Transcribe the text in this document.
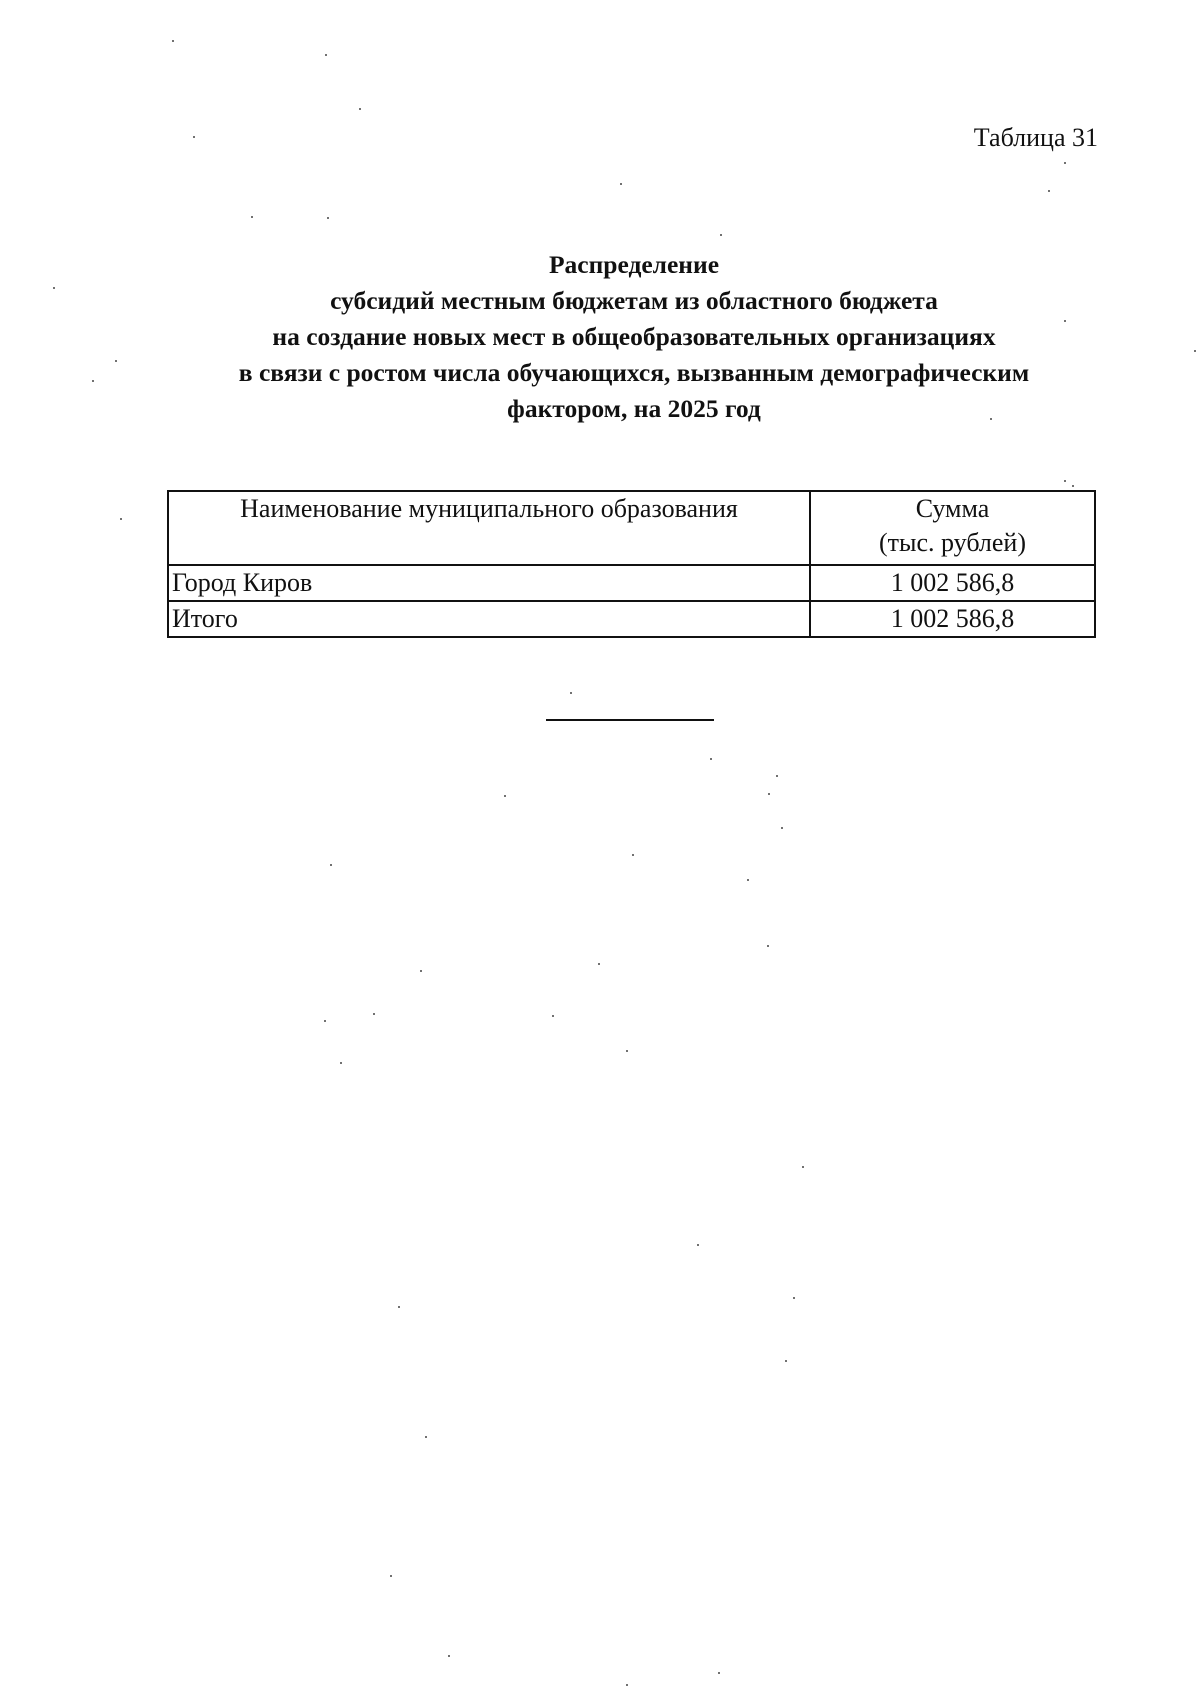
Таблица 31
Распределение
субсидий местным бюджетам из областного бюджета
на создание новых мест в общеобразовательных организациях
в связи с ростом числа обучающихся, вызванным демографическим
фактором, на 2025 год
Наименование муниципального образования	Сумма
(тыс. рублей)

Город Киров	1 002 586,8
Итого	1 002 586,8
